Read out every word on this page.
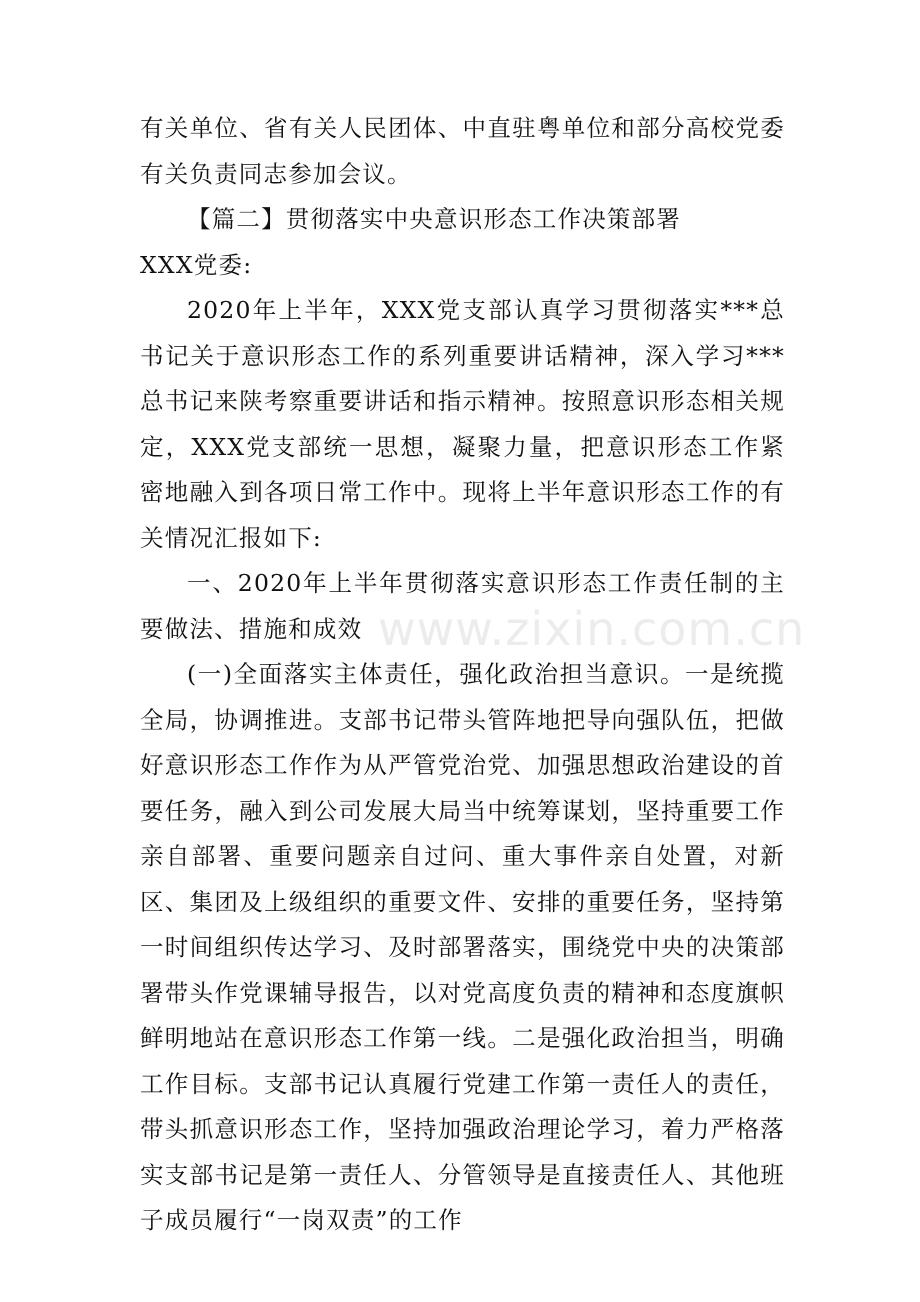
有关单位、省有关人民团体、中直驻粤单位和部分高校党委有关负责同志参加会议。

【篇二】贯彻落实中央意识形态工作决策部署

XXX党委:

2020年上半年，XXX党支部认真学习贯彻落实***总书记关于意识形态工作的系列重要讲话精神，深入学习***总书记来陕考察重要讲话和指示精神。按照意识形态相关规定，XXX党支部统一思想，凝聚力量，把意识形态工作紧密地融入到各项日常工作中。现将上半年意识形态工作的有关情况汇报如下:

一、2020年上半年贯彻落实意识形态工作责任制的主要做法、措施和成效

(一)全面落实主体责任，强化政治担当意识。一是统揽全局，协调推进。支部书记带头管阵地把导向强队伍，把做好意识形态工作作为从严管党治党、加强思想政治建设的首要任务，融入到公司发展大局当中统筹谋划，坚持重要工作亲自部署、重要问题亲自过问、重大事件亲自处置，对新区、集团及上级组织的重要文件、安排的重要任务，坚持第一时间组织传达学习、及时部署落实，围绕党中央的决策部署带头作党课辅导报告，以对党高度负责的精神和态度旗帜鲜明地站在意识形态工作第一线。二是强化政治担当，明确工作目标。支部书记认真履行党建工作第一责任人的责任，带头抓意识形态工作，坚持加强政治理论学习，着力严格落实支部书记是第一责任人、分管领导是直接责任人、其他班子成员履行“一岗双责”的工作

www.zixin.com.cn
